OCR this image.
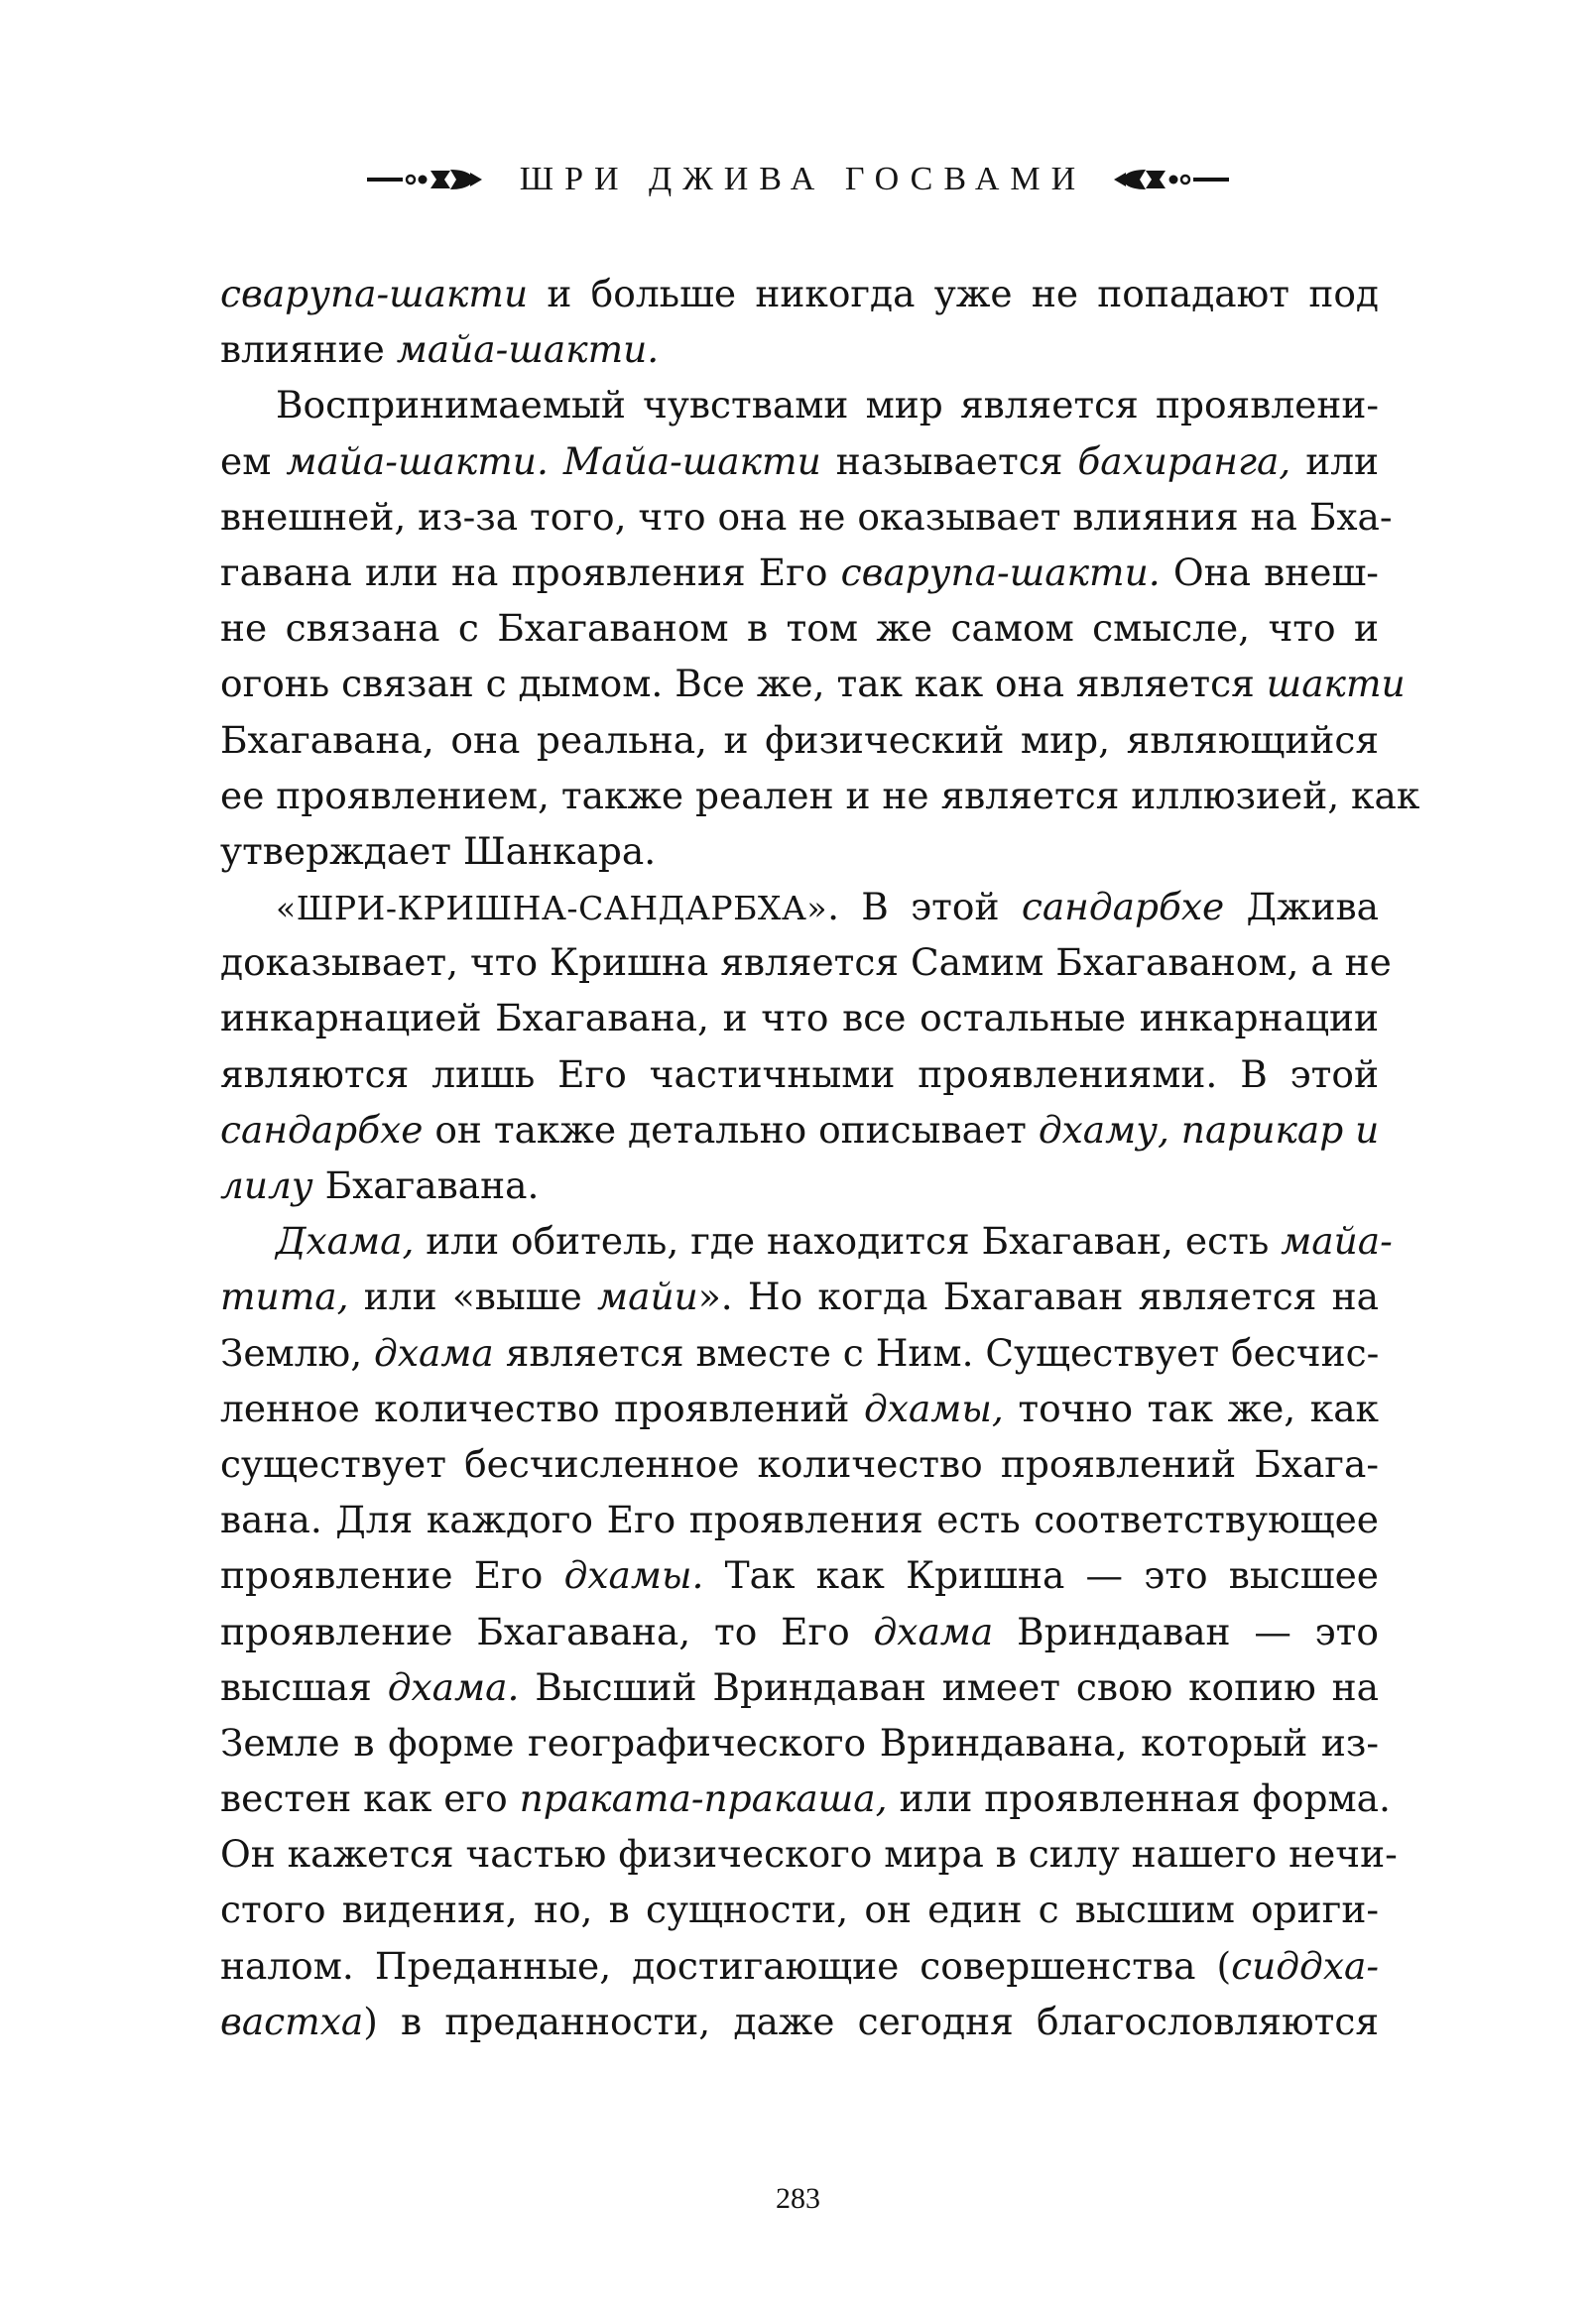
ШРИ ДЖИВА ГОСВАМИ
сварупа-шакти и больше никогда уже не попадают под
влияние майа-шакти.
Воспринимаемый чувствами мир является проявлени-
ем майа-шакти. Майа-шакти называется бахиранга, или
внешней, из-за того, что она не оказывает влияния на Бха-
гавана или на проявления Его сварупа-шакти. Она внеш-
не связана с Бхагаваном в том же самом смысле, что и
огонь связан с дымом. Все же, так как она является шакти
Бхагавана, она реальна, и физический мир, являющийся
ее проявлением, также реален и не является иллюзией, как
утверждает Шанкара.
«ШРИ-КРИШНА-САНДАРБХА». В этой сандарбхе Джива
доказывает, что Кришна является Самим Бхагаваном, а не
инкарнацией Бхагавана, и что все остальные инкарнации
являются лишь Его частичными проявлениями. В этой
сандарбхе он также детально описывает дхаму, парикар и
лилу Бхагавана.
Дхама, или обитель, где находится Бхагаван, есть майа-
тита, или «выше майи». Но когда Бхагаван является на
Землю, дхама является вместе с Ним. Существует бесчис-
ленное количество проявлений дхамы, точно так же, как
существует бесчисленное количество проявлений Бхага-
вана. Для каждого Его проявления есть соответствующее
проявление Его дхамы. Так как Кришна — это высшее
проявление Бхагавана, то Его дхама Вриндаван — это
высшая дхама. Высший Вриндаван имеет свою копию на
Земле в форме географического Вриндавана, который из-
вестен как его праката-пракаша, или проявленная форма.
Он кажется частью физического мира в силу нашего нечи-
стого видения, но, в сущности, он един с высшим ориги-
налом. Преданные, достигающие совершенства (сиддха-
вастха) в преданности, даже сегодня благословляются
283
